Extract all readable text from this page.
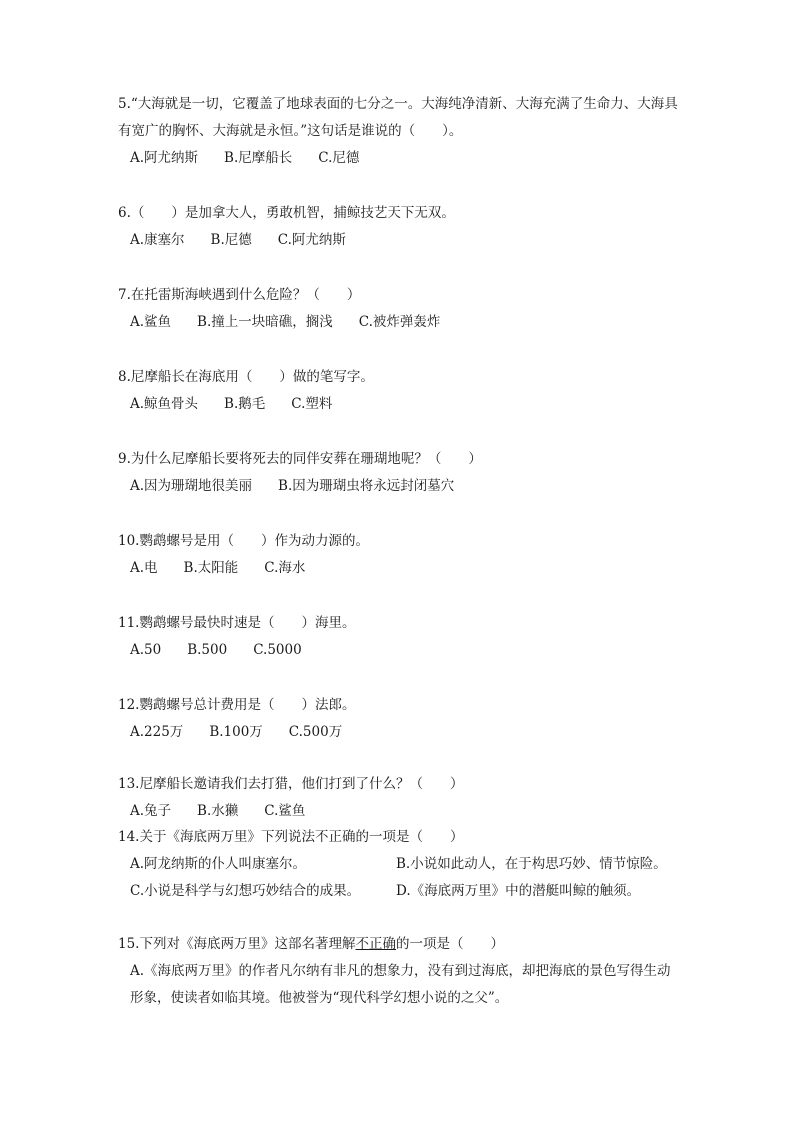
5.“大海就是一切，它覆盖了地球表面的七分之一。大海纯净清新、大海充满了生命力、大海具有宽广的胸怀、大海就是永恒。”这句话是谁说的（　　）。
A.阿尤纳斯 B.尼摩船长 C.尼德
6.（　　）是加拿大人，勇敢机智，捕鲸技艺天下无双。
A.康塞尔 B.尼德 C.阿尤纳斯
7.在托雷斯海峡遇到什么危险？（　　）
A.鲨鱼 B.撞上一块暗礁，搁浅 C.被炸弹轰炸
8.尼摩船长在海底用（　　）做的笔写字。
A.鲸鱼骨头 B.鹅毛 C.塑料
9.为什么尼摩船长要将死去的同伴安葬在珊瑚地呢？（　　）
A.因为珊瑚地很美丽 B.因为珊瑚虫将永远封闭墓穴
10.鹦鹉螺号是用（　　）作为动力源的。
A.电 B.太阳能 C.海水
11.鹦鹉螺号最快时速是（　　）海里。
A.50 B.500 C.5000
12.鹦鹉螺号总计费用是（　　）法郎。
A.225万 B.100万 C.500万
13.尼摩船长邀请我们去打猎，他们打到了什么？（　　）
A.兔子 B.水獭 C.鲨鱼
14.关于《海底两万里》下列说法不正确的一项是（　　）
A.阿龙纳斯的仆人叫康塞尔。	B.小说如此动人，在于构思巧妙、情节惊险。
C.小说是科学与幻想巧妙结合的成果。	D.《海底两万里》中的潜艇叫鲸的触须。
15.下列对《海底两万里》这部名著理解不正确的一项是（　　）
A.《海底两万里》的作者凡尔纳有非凡的想象力，没有到过海底，却把海底的景色写得生动形象，使读者如临其境。他被誉为“现代科学幻想小说的之父”。
